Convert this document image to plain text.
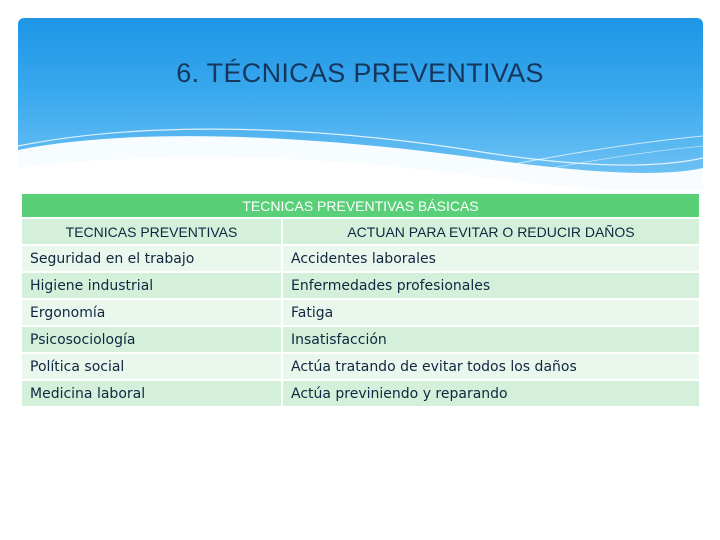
6. TÉCNICAS PREVENTIVAS
TECNICAS PREVENTIVAS BÁSICAS	
TECNICAS PREVENTIVAS	ACTUAN PARA EVITAR O REDUCIR DAÑOS
Seguridad en el trabajo	Accidentes laborales
Higiene industrial	Enfermedades profesionales
Ergonomía	Fatiga
Psicosociología	Insatisfacción
Política social	Actúa tratando de evitar todos los daños
Medicina laboral	Actúa previniendo y reparando
